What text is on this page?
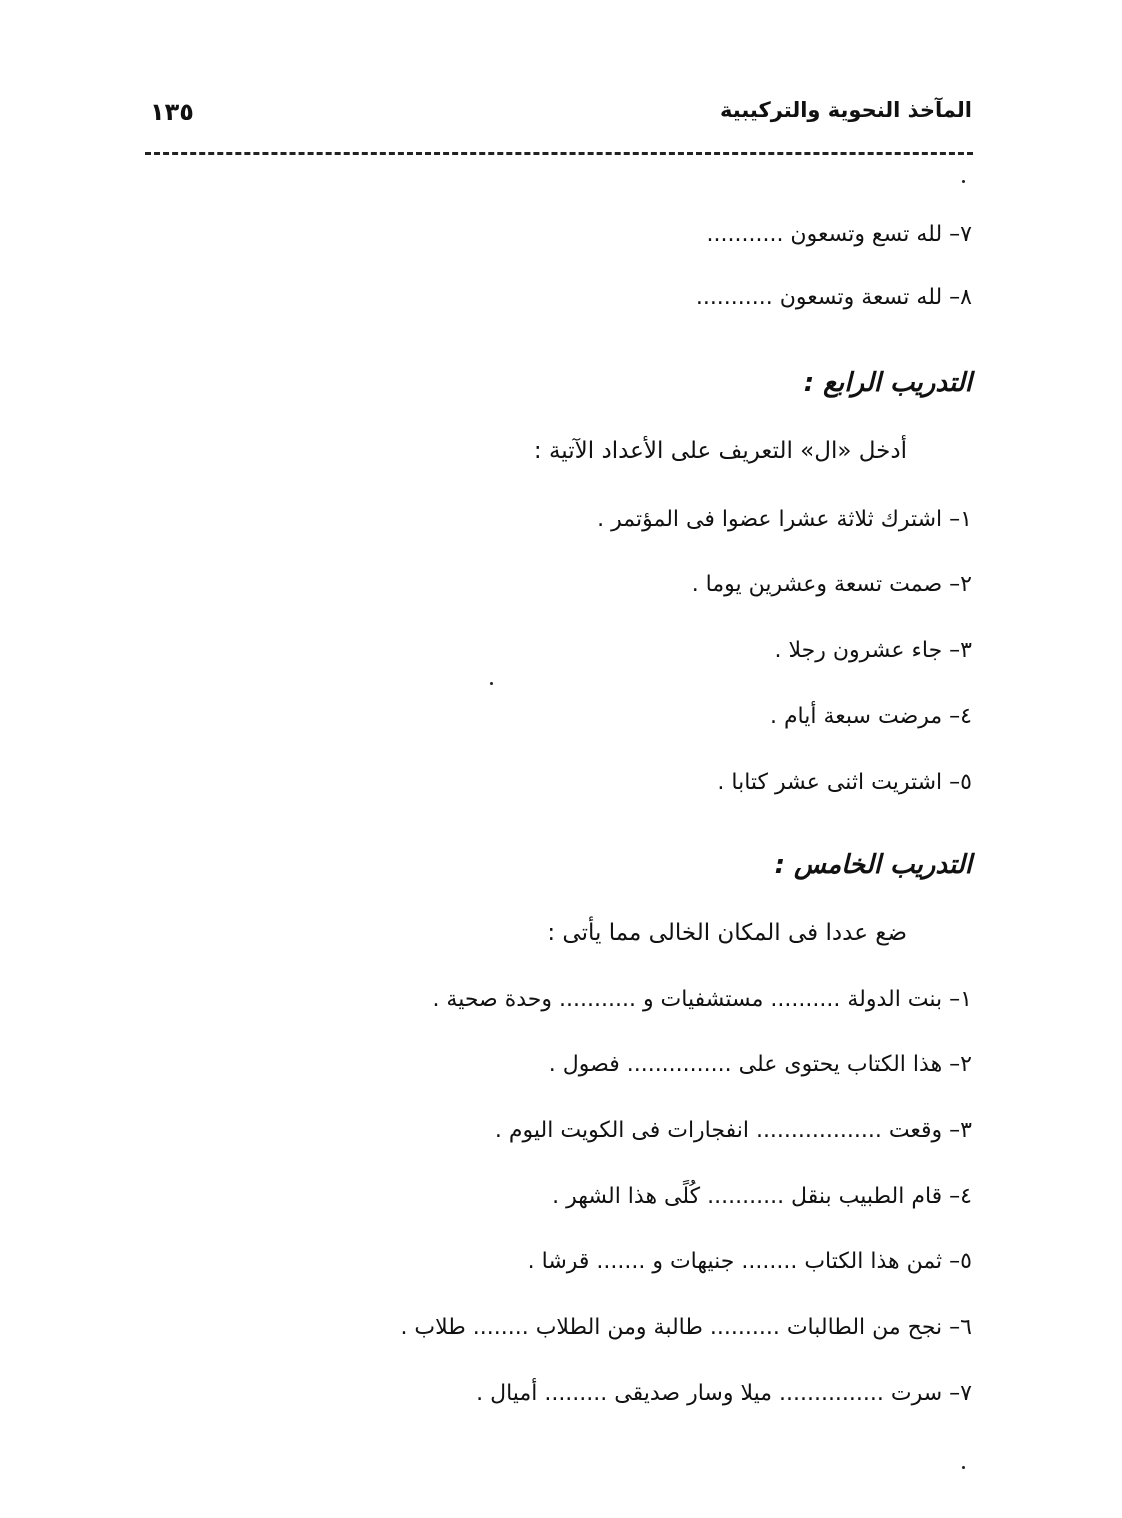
المآخذ النحوية والتركيبية
١٣٥
٧– لله تسع وتسعون ...........
٨– لله تسعة وتسعون ...........
التدريب الرابع :
أدخل «ال» التعريف على الأعداد الآتية :
١– اشترك ثلاثة عشرا عضوا فى المؤتمر .
٢– صمت تسعة وعشرين يوما .
٣– جاء عشرون رجلا .
٤– مرضت سبعة أيام .
٥– اشتريت اثنى عشر كتابا .
التدريب الخامس :
ضع عددا فى المكان الخالى مما يأتى :
١– بنت الدولة .......... مستشفيات و ........... وحدة صحية .
٢– هذا الكتاب يحتوى على ............... فصول .
٣– وقعت .................. انفجارات فى الكويت اليوم .
٤– قام الطبيب بنقل ........... كُلًى هذا الشهر .
٥– ثمن هذا الكتاب ........ جنيهات و ....... قرشا .
٦– نجح من الطالبات .......... طالبة ومن الطلاب ........ طلاب .
٧– سرت ............... ميلا وسار صديقى ......... أميال .
